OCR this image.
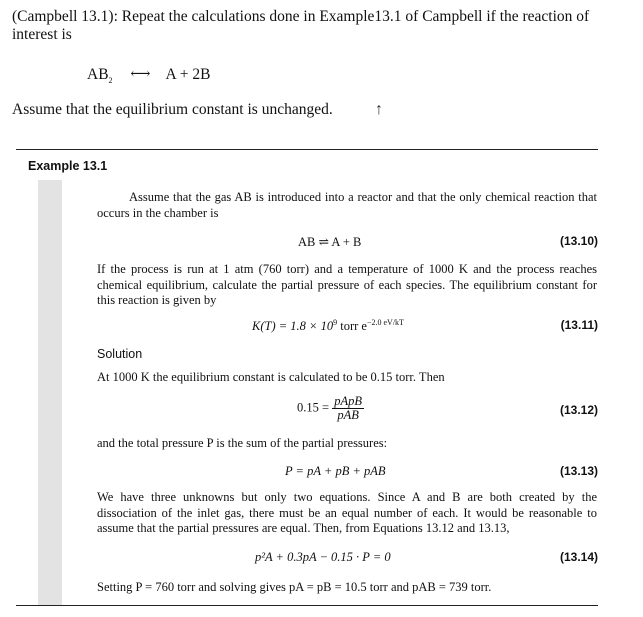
(Campbell 13.1): Repeat the calculations done in Example13.1 of Campbell if the reaction of interest is
$AB_2$ ⟷ A + 2B
Assume that the equilibrium constant is unchanged.	↑
Example 13.1
Assume that the gas AB is introduced into a reactor and that the only chemical reaction that occurs in the chamber is
AB ⇌ A + B	(13.10)
If the process is run at 1 atm (760 torr) and a temperature of 1000 K and the process reaches chemical equilibrium, calculate the partial pressure of each species. The equilibrium constant for this reaction is given by
$K(T) = 1.8 \times 10^9$ torr $e^{-2.0 eV/kT}$	(13.11)
Solution
At 1000 K the equilibrium constant is calculated to be 0.15 torr. Then
$0.15 = \frac{\text{pApB}}{\text{pAB}}$	(13.12)
and the total pressure P is the sum of the partial pressures:
P = pA + pB + pAB	(13.13)
We have three unknowns but only two equations. Since A and B are both created by the dissociation of the inlet gas, there must be an equal number of each. It would be reasonable to assume that the partial pressures are equal. Then, from Equations 13.12 and 13.13,
p²A + 0.3pA − 0.15 · P = 0	(13.14)
Setting P = 760 torr and solving gives pA = pB = 10.5 torr and pAB = 739 torr.
